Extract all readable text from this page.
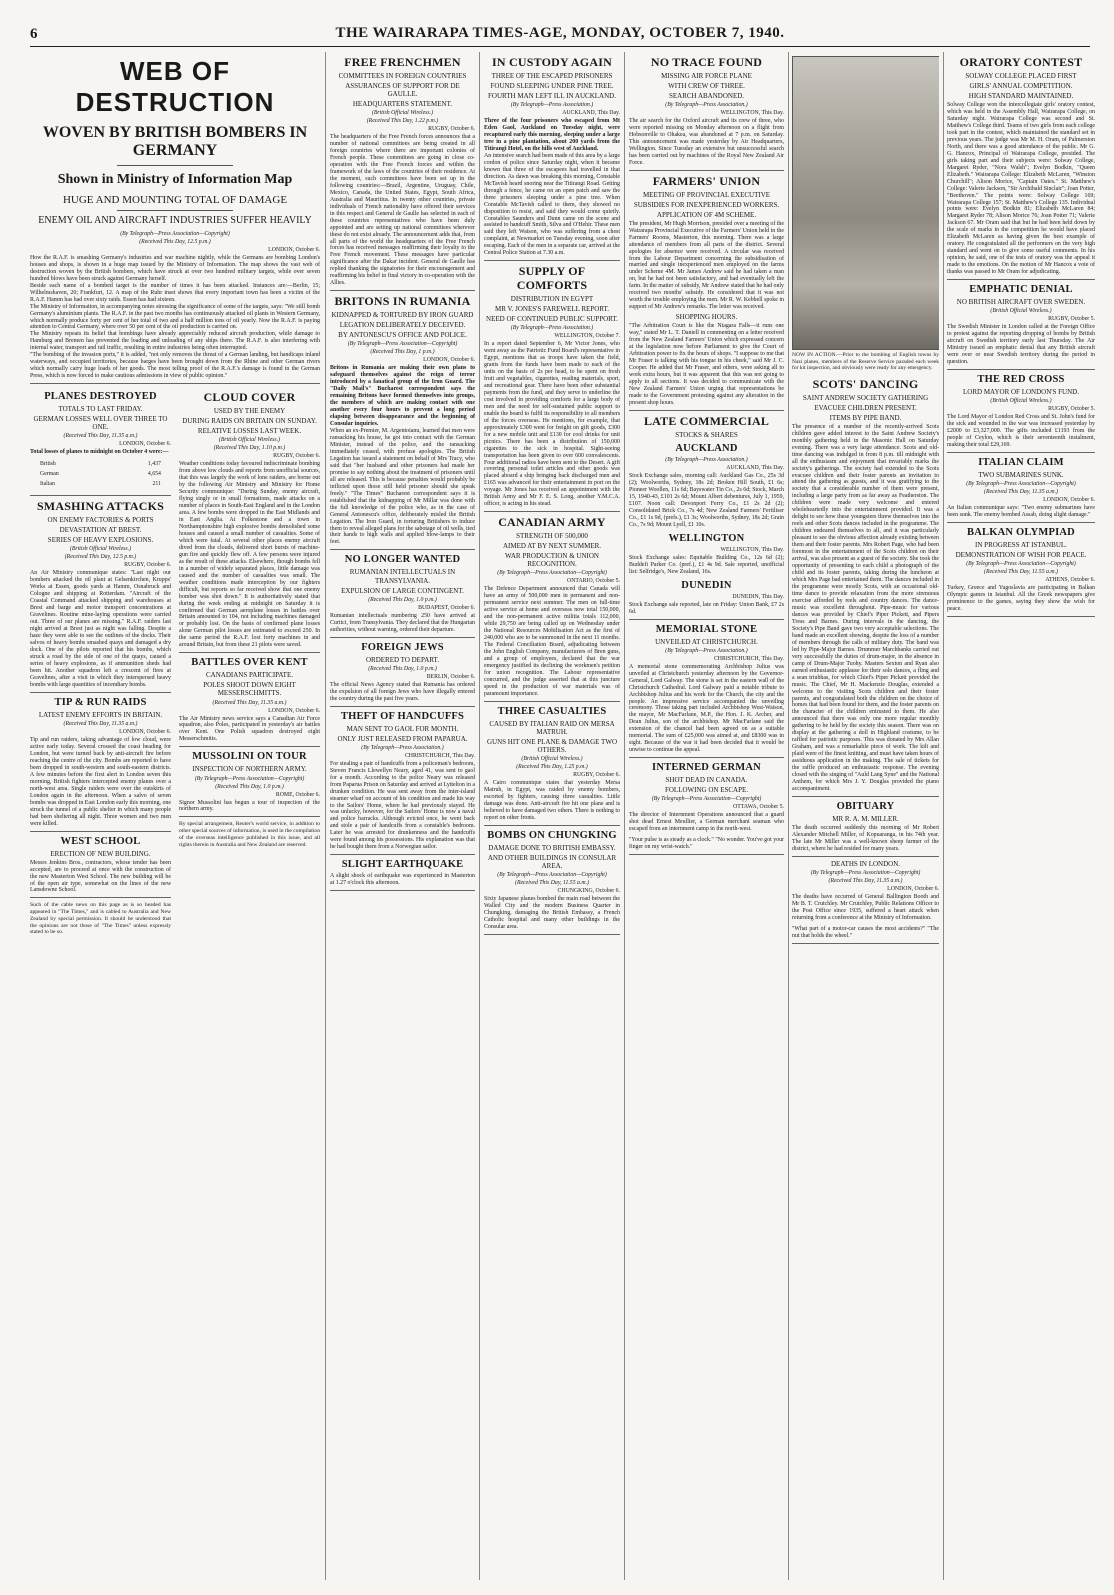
6	THE WAIRARAPA TIMES-AGE, MONDAY, OCTOBER 7, 1940.
WEB OF DESTRUCTION
WOVEN BY BRITISH BOMBERS IN GERMANY
Shown in Ministry of Information Map
HUGE AND MOUNTING TOTAL OF DAMAGE
ENEMY OIL AND AIRCRAFT INDUSTRIES SUFFER HEAVILY
(By Telegraph—Press Association—Copyright)
(Received This Day, 12.5 p.m.)
LONDON, October 6.

How the R.A.F. is smashing Germany's industries and war machine nightly, while the Germans are bombing London's houses and shops, is shown in a huge map issued by the Ministry of Information. The map shows the vast web of destruction woven by the British bombers, which have struck at over two hundred military targets, while over seven hundred blows have been struck against Germany herself.

Beside each name of a bombed target is the number of times it has been attacked. Instances are:—Berlin, 15; Wilhelmshaven, 20; Frankfurt, 12. A map of the Ruhr inset shows that every important town has been a victim of the R.A.F. Hamm has had over sixty raids. Essen has had sixteen.

The Ministry of Information, in accompanying notes stressing the significance of some of the targets, says: "We still bomb Germany's aluminium plants. The R.A.F. in the past two months has continuously attacked oil plants in Western Germany, which normally produce forty per cent of her total of two and a half million tons of oil yearly. Now the R.A.F. is paying attention to Central Germany, where over 50 per cent of the oil production is carried on.

The Ministry repeats its belief that bombings have already appreciably reduced aircraft production, while damage to Hamburg and Bremen has prevented the loading and unloading of any ships there. The R.A.F. is also interfering with internal water, transport and rail traffic, resulting in entire industries being often interrupted.

"The bombing of the invasion ports," it is added, "not only removes the threat of a German landing, but handicaps inland waterways, and occupied territories, because barges have been brought down from the Rhine and other German rivers which normally carry huge loads of her goods. The most telling proof of the R.A.F.'s damage is found in the German Press, which is now forced to make cautious admissions in view of public opinion."

PLANES DESTROYED
TOTALS TO LAST FRIDAY.
GERMAN LOSSES WELL OVER THREE TO ONE.
(Received This Day, 11.35 a.m.)
LONDON, October 6.

Total losses of planes to midnight on October 4 were:—

British	1,437
German	4,654
Italian	211
SMASHING ATTACKS
ON ENEMY FACTORIES & PORTS
DEVASTATION AT BREST.
SERIES OF HEAVY EXPLOSIONS.
(British Official Wireless.)
(Received This Day, 12.5 p.m.)
RUGBY, October 6.

An Air Ministry communique states: "Last night our bombers attacked the oil plant at Gelsenkirchen, Krupps' Works at Essen, goods yards at Hamm, Osnabruck and Cologne and shipping at Rotterdam. "Aircraft of the Coastal Command attacked shipping and warehouses at Brest and barge and motor transport concentrations at Gravelines. Routine mine-laying operations were carried out. Three of our planes are missing." R.A.F. raiders last night arrived at Brest just as night was falling. Despite a haze they were able to see the outlines of the docks. Their salvos of heavy bombs smashed quays and damaged a dry dock. One of the pilots reported that his bombs, which struck a road by the side of one of the quays, caused a series of heavy explosions, as if ammunition sheds had been hit. Another squadron left a crescent of fires at Gravelines, after a visit in which they interspersed heavy bombs with large quantities of incendiary bombs.

TIP & RUN RAIDS
LATEST ENEMY EFFORTS IN BRITAIN.
(Received This Day, 11.35 a.m.)
LONDON, October 6.

Tip and run raiders, taking advantage of low cloud, were active early today. Several crossed the coast heading for London, but were turned back by anti-aircraft fire before reaching the centre of the city. Bombs are reported to have been dropped in south-western and south-eastern districts. A few minutes before the first alert in London seven this morning, British fighters intercepted enemy planes over a north-west area. Single raiders were over the outskirts of London again in the afternoon. When a salvo of seven bombs was dropped in East London early this morning, one struck the tunnel of a public shelter in which many people had been sheltering all night. Three women and two men were killed.

WEST SCHOOL
ERECTION OF NEW BUILDING.

Messrs Jenkins Bros., contractors, whose tender has been accepted, are to proceed at once with the construction of the new Masterton West School. The new building will be of the open air type, somewhat on the lines of the new Lansdowne School.

Such of the cable news on this page as is so headed has appeared in "The Times," and is cabled to Australia and New Zealand by special permission. It should be understood that the opinions are not those of "The Times" unless expressly stated to be so.

CLOUD COVER
USED BY THE ENEMY
DURING RAIDS ON BRITAIN ON SUNDAY.
RELATIVE LOSSES LAST WEEK.
(British Official Wireless.)
(Received This Day, 1.10 p.m.)
RUGBY, October 6.

Weather conditions today favoured indiscriminate bombing from above low clouds and reports from unofficial sources, that this was largely the work of lone raiders, are borne out by the following Air Ministry and Ministry for Home Security communique: "During Sunday, enemy aircraft, flying singly or in small formations, made attacks on a number of places in South-East England and in the London area. A few bombs were dropped in the East Midlands and in East Anglia. At Folkestone and a town in Northamptonshire high explosive bombs demolished some houses and caused a small number of casualties. Some of which were fatal. At several other places enemy aircraft dived from the clouds, delivered short bursts of machine-gun fire and quickly flew off. A few persons were injured as the result of these attacks. Elsewhere, though bombs fell in a number of widely separated places, little damage was caused and the number of casualties was small. The weather conditions made interception by our fighters difficult, but reports so far received show that one enemy bomber was shot down." It is authoritatively stated that during the week ending at midnight on Saturday it is confirmed that German aeroplane losses in battles over Britain amounted to 104, not including machines damaged or probably lost. On the basis of confirmed plane losses alone German pilot losses are estimated to exceed 250. In the same period the R.A.F. lost forty machines in and around Britain, but from these 21 pilots were saved.

BATTLES OVER KENT
CANADIANS PARTICIPATE.
POLES SHOOT DOWN EIGHT MESSERSCHMITTS.
(Received This Day, 11.35 a.m.)
LONDON, October 6.

The Air Ministry news service says a Canadian Air Force squadron, also Poles, participated in yesterday's air battles over Kent. One Polish squadron destroyed eight Messerschmitts.

MUSSOLINI ON TOUR
INSPECTION OF NORTHERN ARMY.
(By Telegraph—Press Association—Copyright)
(Received This Day, 1.0 p.m.)
ROME, October 6.

Signor Mussolini has begun a tour of inspection of the northern army.

By special arrangement, Reuter's world service, in addition to other special sources of information, is used in the compilation of the overseas intelligence published in this issue, and all rights therein in Australia and New Zealand are reserved.

FREE FRENCHMEN
COMMITTEES IN FOREIGN COUNTRIES
ASSURANCES OF SUPPORT FOR DE GAULLE.
HEADQUARTERS STATEMENT.
(British Official Wireless.)
(Received This Day, 1.22 p.m.)
RUGBY, October 6.

The headquarters of the Free French forces announces that a number of national committees are being created in all foreign countries where there are important colonies of French people. These committees are going in close co-operation with the Free French forces and within the framework of the laws of the countries of their residence. At the moment, such committees have been set up in the following countries:—Brazil, Argentine, Uruguay, Chile, Mexico, Canada, the United States, Egypt, South Africa, Australia and Mauritius. In twenty other countries, private individuals of French nationality have offered their services in this respect and General de Gaulle has selected in each of these countries representatives who have been duly appointed and are setting up national committees wherever these do not exist already. The announcement adds that, from all parts of the world the headquarters of the Free French forces has received messages reaffirming their loyalty to the Free French movement. These messages have particular significance after the Dakar incident. General de Gaulle has replied thanking the signatories for their encouragement and reaffirming his belief in final victory in co-operation with the Allies.

BRITONS IN RUMANIA
KIDNAPPED & TORTURED BY IRON GUARD
LEGATION DELIBERATELY DECEIVED.
BY ANTONESCU'S OFFICE AND POLICE.
(By Telegraph—Press Association—Copyright)
(Received This Day, 1 p.m.)
LONDON, October 6.

Britons in Rumania are making their own plans to safeguard themselves against the reign of terror introduced by a fanatical group of the Iron Guard. The "Daily Mail's" Bucharest correspondent says the remaining Britons have formed themselves into groups, the members of which are making contact with one another every four hours to prevent a long period elapsing between disappearance and the beginning of Consular inquiries.

When an ex-Premier, M. Argentoianu, learned that men were ransacking his house, he got into contact with the German Minister, instead of the police, and the ransacking immediately ceased, with profuse apologies. The British Legation has issued a statement on behalf of Mrs Tracy, who said that "her husband and other prisoners had made her promise to say nothing about the treatment of prisoners until all are released. This is because penalties would probably be inflicted upon those still held prisoner should she speak freely." "The Times" Bucharest correspondent says it is established that the kidnapping of Mr Millar was done with the full knowledge of the police who, as in the case of General Antonescu's office, deliberately misled the British Legation. The Iron Guard, in torturing Britishers to induce them to reveal alleged plans for the sabotage of oil wells, tied their hands to high walls and applied blow-lamps to their feet.

NO LONGER WANTED
RUMANIAN INTELLECTUALS IN TRANSYLVANIA.
EXPULSION OF LARGE CONTINGENT.
(Received This Day, 1.0 p.m.)
BUDAPEST, October 6.

Rumanian intellectuals numbering 250 have arrived at Curtici, from Transylvania. They declared that the Hungarian authorities, without warning, ordered their departure.

FOREIGN JEWS
ORDERED TO DEPART.
(Received This Day, 1.0 p.m.)
BERLIN, October 6.

The official News Agency stated that Rumania has ordered the expulsion of all foreign Jews who have illegally entered the country during the past five years.

THEFT OF HANDCUFFS
MAN SENT TO GAOL FOR MONTH.
ONLY JUST RELEASED FROM PAPARUA.
(By Telegraph—Press Association.)
CHRISTCHURCH, This Day.

For stealing a pair of handcuffs from a policeman's bedroom, Steven Francis Llewellyn Neary, aged 41, was sent to gaol for a month. According to the police Neary was released from Paparua Prison on Saturday and arrived at Lyttelton in a drunken condition. He was sent away from the inter-island steamer wharf on account of his condition and made his way to the Sailors' Home, where he had previously stayed. He was unlucky, however, for the Sailors' Home is now a naval and police barracks. Although evicted once, he went back and stole a pair of handcuffs from a constable's bedroom. Later he was arrested for drunkenness and the handcuffs were found among his possessions. His explanation was that he had bought them from a Norwegian sailor.

SLIGHT EARTHQUAKE

A slight shock of earthquake was experienced in Masterton at 1.27 o'clock this afternoon.

IN CUSTODY AGAIN
THREE OF THE ESCAPED PRISONERS
FOUND SLEEPING UNDER PINE TREE.
FOURTH MAN LEFT ILL IN AUCKLAND.
(By Telegraph—Press Association.)
AUCKLAND, This Day.

Three of the four prisoners who escaped from Mt Eden Gaol, Auckland on Tuesday night, were recaptured early this morning, sleeping under a large tree in a pine plantation, about 200 yards from the Titirangi Hotel, on the hills west of Auckland.

An intensive search had been made of this area by a large cordon of police since Saturday night, when it became known that three of the escapees had travelled in that direction. As dawn was breaking this morning, Constable McTavish heard snoring near the Titirangi Road. Getting through a fence, he came on an open patch and saw the three prisoners sleeping under a pine tree. When Constable McTavish called to them, they showed no disposition to resist, and said they would come quietly. Constables Saunders and Dunn came on the scene and assisted to handcuff Smith, Silva and O'Hehir. These men said they left Watson, who was suffering from a chest complaint, at Newmarket on Tuesday evening, soon after escaping. Each of the men in a separate car, arrived at the Central Police Station at 7.30 a.m.

SUPPLY OF COMFORTS
DISTRIBUTION IN EGYPT
MR V. JONES'S FAREWELL REPORT.
NEED OF CONTINUED PUBLIC SUPPORT.
(By Telegraph—Press Association.)
WELLINGTON, October 7.

In a report dated September 6, Mr Victor Jones, who went away as the Patriotic Fund Board's representative in Egypt, mentions that as troops have taken the field, grants from the funds have been made to each of the units on the basis of 2s per head, to be spent on fresh fruit and vegetables, cigarettes, reading materials, sport, and recreational gear. There have been other substantial payments from the fund, and they serve to underline the cost involved in providing comforts for a large body of men and the need for self-sustained public support to enable the board to fulfil its responsibility to all members of the forces overseas. He mentions, for example, that approximately £300 went for freight on gift goods, £300 for a new mobile unit and £130 for cool drinks for unit picnics. There has been a distribution of 150,000 cigarettes to the sick in hospital. Sight-seeing transportation has been given to over 600 convalescents. Four additional radios have been sent to the Desert. A gift covering personal toilet articles and other goods was placed aboard a ship bringing back discharged men and £165 was advanced for their entertainment in port on the voyage. Mr Jones has received an appointment with the British Army and Mr F. E. S. Long, another Y.M.C.A. officer, is acting in his stead.

CANADIAN ARMY
STRENGTH OF 500,000
AIMED AT BY NEXT SUMMER.
WAR PRODUCTION & UNION RECOGNITION.
(By Telegraph—Press Association—Copyright)
ONTARIO, October 5.

The Defence Department announced that Canada will have an army of 500,000 men in permanent and non-permanent service next summer. The men on full-time active service at home and overseas now total 150,000, and the non-permanent active militia totals 112,000, while 29,750 are being called up on Wednesday under the National Resources Mobilisation Act as the first of 240,000 who are to be summoned in the next 11 months. The Federal Conciliation Board, adjudicating between the John English Company, manufacturers of Bren guns, and a group of employees, declared that the war emergency justified its declining the workmen's petition for union recognition. The Labour representative concurred, and the judge asserted that at this juncture speed in the production of war materials was of paramount importance.

THREE CASUALTIES
CAUSED BY ITALIAN RAID ON MERSA MATRUH.
GUNS HIT ONE PLANE & DAMAGE TWO OTHERS.
(British Official Wireless.)
(Received This Day, 1.25 p.m.)
RUGBY, October 6.

A Cairo communique states that yesterday Mersa Matruh, in Egypt, was raided by enemy bombers, escorted by fighters, causing three casualties. Little damage was done. Anti-aircraft fire hit one plane and is believed to have damaged two others. There is nothing to report on other fronts.

BOMBS ON CHUNGKING
DAMAGE DONE TO BRITISH EMBASSY.
AND OTHER BUILDINGS IN CONSULAR AREA.
(By Telegraph—Press Association—Copyright)
(Received This Day, 11.55 a.m.)
CHUNGKING, October 6.

Sixty Japanese planes bombed the main road between the Walled City and the modern Business Quarter in Chungking, damaging the British Embassy, a French Catholic hospital and many other buildings in the Consular area.

NO TRACE FOUND
MISSING AIR FORCE PLANE
WITH CREW OF THREE.
SEARCH ABANDONED.
(By Telegraph—Press Association.)
WELLINGTON, This Day.

The air search for the Oxford aircraft and its crew of three, who were reported missing on Monday afternoon on a flight from Hobsonville to Ohakea, was abandoned at 7 p.m. on Saturday. This announcement was made yesterday by Air Headquarters, Wellington. Since Tuesday an extensive but unsuccessful search has been carried out by machines of the Royal New Zealand Air Force.

FARMERS' UNION
MEETING OF PROVINCIAL EXECUTIVE
SUBSIDIES FOR INEXPERIENCED WORKERS.
APPLICATION OF 4M SCHEME.

The president, Mr Hugh Morrison, presided over a meeting of the Wairarapa Provincial Executive of the Farmers' Union held in the Farmers' Rooms, Masterton, this morning. There was a large attendance of members from all parts of the district. Several apologies for absence were received. A circular was received from the Labour Department concerning the subsidisation of married and single inexperienced men employed on the farms under Scheme 4M. Mr James Andrew said he had taken a man on, but he had not been satisfactory, and had eventually left the farm. In the matter of subsidy, Mr Andrew stated that he had only received two months' subsidy. He considered that it was not worth the trouble employing the men. Mr R. W. Kebbell spoke in support of Mr Andrew's remarks. The letter was received.

SHOPPING HOURS.

"The Arbitration Court is like the Niagara Falls—it runs one way," stated Mr L. T. Daniell in commenting on a letter received from the New Zealand Farmers' Union which expressed concern at the legislation now before Parliament to give the Court of Arbitration power to fix the hours of shops. "I suppose to me that Mr Fraser is talking with his tongue in his cheek," said Mr J. C. Cooper. He added that Mr Fraser, and others, were asking all to work extra hours, but it was apparent that this was not going to apply to all sections. It was decided to communicate with the New Zealand Farmers' Union urging that representations be made to the Government protesting against any alteration in the present shop hours.

LATE COMMERCIAL
STOCKS & SHARES
AUCKLAND
(By Telegraph—Press Association.)
AUCKLAND, This Day.

Stock Exchange sales, morning call: Auckland Gas Co., 25s 3d (2); Woolworths, Sydney, 18s 2d; Broken Hill South, £1 6s; Pioneer Woollen, 11s 6d; Bayswater Tin Co., 2s 6d; Stock, March 15, 1940-43, £101 2s 6d; Mount Albert debentures, July 1, 1959, £107. Noon call: Devonport Ferry Co., £1 2s 2d (2); Consolidated Brick Co., 7s 4d; New Zealand Farmers' Fertiliser Co., £1 1s 9d, (prefs.), £1 3s; Woolworths, Sydney, 18s 2d; Grain Co., 7s 9d; Mount Lyell, £1 10s.

WELLINGTON
WELLINGTON, This Day.

Stock Exchange sales: Equitable Building Co., 12s 6d (2); Buddefi Parker Co. (pref.), £1 4s 9d. Sale reported, unofficial list: Selfridge's, New Zealand, 16s.

DUNEDIN
DUNEDIN, This Day.

Stock Exchange sale reported, late on Friday: Union Bank, £7 2s 6d.

MEMORIAL STONE
UNVEILED AT CHRISTCHURCH.
(By Telegraph—Press Association.)
CHRISTCHURCH, This Day.

A memorial stone commemorating Archbishop Julius was unveiled at Christchurch yesterday afternoon by the Governor-General, Lord Galway. The stone is set in the eastern wall of the Christchurch Cathedral. Lord Galway paid a notable tribute to Archbishop Julius and his work for the Church, the city and the people. An impressive service accompanied the unveiling ceremony. Those taking part included Archbishop West-Watson, the mayor, Mr MacFarlane, M.P., the Hon. J. K. Archer, and Dean Julius, son of the archbishop. Mr MacFarlane said the extension of the chancel had been agreed on as a suitable memorial. The sum of £25,000 was aimed at, and £8300 was in sight. Because of the war it had been decided that it would be unwise to continue the appeal.

INTERNED GERMAN
SHOT DEAD IN CANADA.
FOLLOWING ON ESCAPE.
(By Telegraph—Press Association—Copyright)
OTTAWA, October 5.

The director of Internment Operations announced that a guard shot dead Ernest Meullier, a German merchant seaman who escaped from an internment camp in the north-west.

"Your pulse is as steady as a clock." "No wonder. You've got your finger on my wrist-watch."

NOW IN ACTION.—Prior to the bombing of English towns by Nazi planes, members of the Reserve Service paraded each week for kit inspection, and obviously were ready for any emergency.

SCOTS' DANCING
SAINT ANDREW SOCIETY GATHERING
EVACUEE CHILDREN PRESENT.
ITEMS BY PIPE BAND.

The presence of a number of the recently-arrived Scots children gave added interest to the Saint Andrew Society's monthly gathering held in the Masonic Hall on Saturday evening. There was a very large attendance. Scots and old-time dancing was indulged in from 8 p.m. till midnight with all the enthusiasm and enjoyment that invariably marks the society's gatherings. The society had extended to the Scots evacuee children and their foster parents an invitation to attend the gathering as guests, and it was gratifying to the society that a considerable number of them were present, including a large party from as far away as Featherston. The children were made very welcome and entered wholeheartedly into the entertainment provided. It was a delight to see how these youngsters threw themselves into the reels and other Scots dances included in the programme. The children endeared themselves to all, and it was particularly pleasant to see the obvious affection already existing between them and their foster parents. Mrs Robert Page, who had been foremost in the entertainment of the Scots children on their arrival, was also present as a guest of the society. She took the opportunity of presenting to each child a photograph of the child and its foster parents, taking during the luncheon at which Mrs Page had entertained them. The dances included in the programme were mostly Scots, with an occasional old-time dance to provide relaxation from the more strenuous exercise afforded by reels and country dances. The dance-music was excellent throughout. Pipe-music for various dances was provided by Chief's Piper Pickett, and Pipers Tress and Barnes. During intervals in the dancing, the Society's Pipe Band gave two very acceptable selections. The band made an excellent showing, despite the loss of a number of members through the calls of military duty. The band was led by Pipe-Major Barnes. Drummer Marchbanks carried out very successfully the duties of drum-major, in the absence in camp of Drum-Major Tuohy. Masters Sexton and Ryan also earned enthusiastic applause for their solo dances, a fling and a sean triubhas, for which Chief's Piper Pickett provided the music. The Chief, Mr H. Mackenzie Douglas, extended a welcome to the visiting Scots children and their foster parents, and congratulated both the children on the choice of homes that had been found for them, and the foster parents on the character of the children entrusted to them. He also announced that there was only one more regular monthly gathering to be held by the society this season. There was on display at the gathering a doll in Highland costume, to be raffled for patriotic purposes. This was donated by Mrs Allan Graham, and was a remarkable piece of work. The kilt and plaid were of the finest knitting, and must have taken hours of assiduous application in the making. The sale of tickets for the raffle produced an enthusiastic response. The evening closed with the singing of "Auld Lang Syne" and the National Anthem, for which Mrs J. Y. Douglas provided the piano accompaniment.

OBITUARY
MR R. A. M. MILLER.

The death occurred suddenly this morning of Mr Robert Alexander Mitchell Miller, of Kopuaranga, in his 74th year. The late Mr Miller was a well-known sheep farmer of the district, where he had resided for many years.

DEATHS IN LONDON.
(By Telegraph—Press Association—Copyright)
(Received This Day, 11.35 a.m.)
LONDON, October 6.

The deaths have occurred of General Ballington Booth and Mr B. T. Crutchley. Mr Crutchley, Public Relations Officer to the Post Office since 1935, suffered a heart attack when returning from a conference at the Ministry of Information.

"What part of a motor-car causes the most accidents?" "The nut that holds the wheel."

ORATORY CONTEST
SOLWAY COLLEGE PLACED FIRST
GIRLS' ANNUAL COMPETITION.
HIGH STANDARD MAINTAINED.

Solway College won the intercollegiate girls' oratory contest, which was held in the Assembly Hall, Wairarapa College, on Saturday night. Wairarapa College was second and St. Matthew's College third. Teams of two girls from each college took part in the contest, which maintained the standard set in previous years. The judge was Mr M. H. Oram, of Palmerston North, and there was a good attendance of the public. Mr G. G. Hancox, Principal of Wairarapa College, presided. The girls taking part and their subjects were: Solway College, Margaret Ryder, "Nora Walsh"; Evelyn Bodkin, "Queen Elizabeth." Wairarapa College: Elizabeth McLaren, "Winston Churchill"; Alison Morice, "Captain Oates." St. Matthew's College: Valerie Jackson, "Sir Archibald Sinclair"; Joan Potter, "Beethoven." The points were: Solway College 169; Wairarapa College 157; St. Matthew's College 135. Individual points were: Evelyn Bodkin 81; Elizabeth McLaren 84; Margaret Ryder 78; Alison Morice 76; Joan Potter 71; Valerie Jackson 67. Mr Oram said that but he had been held down by the scale of marks in the competition he would have placed Elizabeth McLaren as having given the best example of oratory. He congratulated all the performers on the very high standard and went on to give some useful comments. In his opinion, he said, one of the tests of oratory was the appeal it made to the emotions. On the motion of Mr Hancox a vote of thanks was passed to Mr Oram for adjudicating.

EMPHATIC DENIAL
NO BRITISH AIRCRAFT OVER SWEDEN.
(British Official Wireless.)
RUGBY, October 5.

The Swedish Minister in London called at the Foreign Office to protest against the reporting dropping of bombs by British aircraft on Swedish territory early last Thursday. The Air Ministry issued an emphatic denial that any British aircraft were over or near Swedish territory during the period in question.

THE RED CROSS
LORD MAYOR OF LONDON'S FUND.
(British Official Wireless.)
RUGBY, October 5.

The Lord Mayor of London Red Cross and St. John's fund for the sick and wounded in the war was increased yesterday by £2000 to £3,327,000. The gifts included £1193 from the people of Ceylon, which is their seventeenth instalment, making their total £29,169.

ITALIAN CLAIM
TWO SUBMARINES SUNK.
(By Telegraph—Press Association—Copyright)
(Received This Day, 11.35 a.m.)
LONDON, October 6.

An Italian communique says: "Two enemy submarines have been sunk. The enemy bombed Assab, doing slight damage."

BALKAN OLYMPIAD
IN PROGRESS AT ISTANBUL.
DEMONSTRATION OF WISH FOR PEACE.
(By Telegraph—Press Association—Copyright)
(Received This Day, 11.55 a.m.)
ATHENS, October 6.

Turkey, Greece and Yugoslavia are participating in Balkan Olympic games in Istanbul. All the Greek newspapers give prominence to the games, saying they show the wish for peace.
